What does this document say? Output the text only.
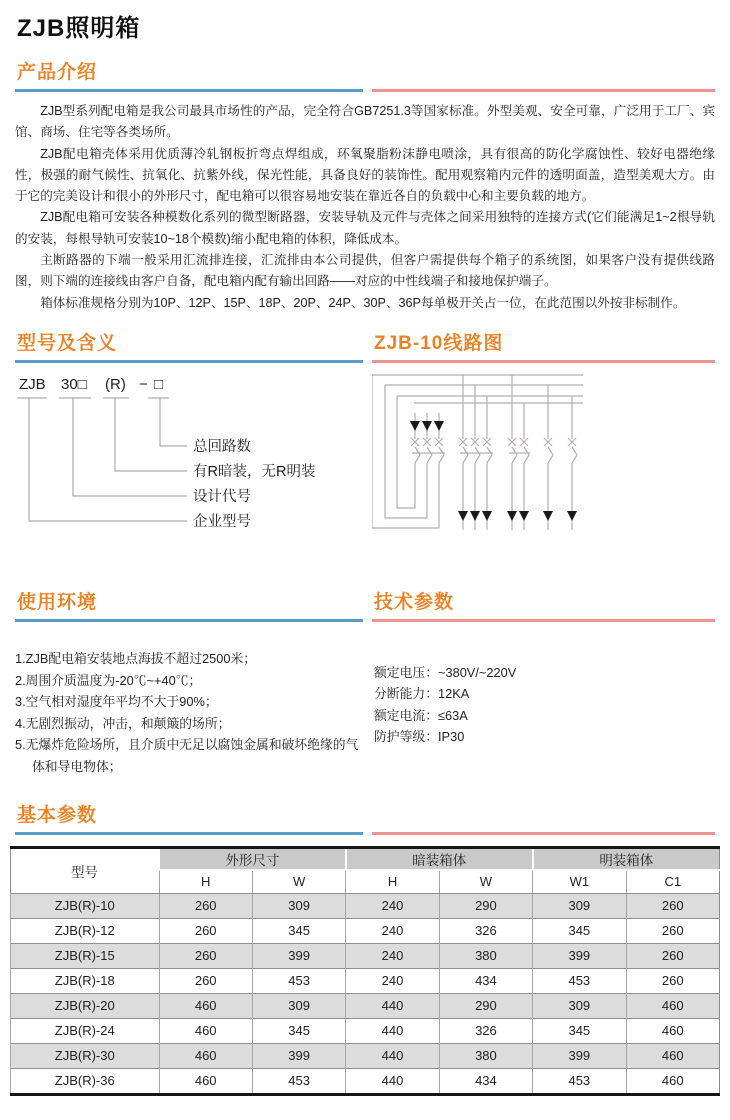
ZJB照明箱
产品介绍

ZJB型系列配电箱是我公司最具市场性的产品，完全符合GB7251.3等国家标准。外型美观、安全可靠，广泛用于工厂、宾馆、商场、住宅等各类场所。

ZJB配电箱壳体采用优质薄冷轧钢板折弯点焊组成，环氧聚脂粉沫静电喷涂，具有很高的防化学腐蚀性、较好电器绝缘性，极强的耐气候性、抗氧化、抗紫外线，保光性能，具备良好的装饰性。配用观察箱内元件的透明面盖，造型美观大方。由于它的完美设计和很小的外形尺寸，配电箱可以很容易地安装在靠近各自的负载中心和主要负载的地方。

ZJB配电箱可安装各种模数化系列的微型断路器，安装导轨及元件与壳体之间采用独特的连接方式(它们能满足1~2根导轨的安装，每根导轨可安装10~18个模数)缩小配电箱的体积，降低成本。

主断路器的下端一般采用汇流排连接，汇流排由本公司提供，但客户需提供每个箱子的系统图，如果客户没有提供线路图，则下端的连接线由客户自备，配电箱内配有输出回路——对应的中性线端子和接地保护端子。

箱体标准规格分别为10P、12P、15P、18P、20P、24P、30P、36P每单极开关占一位，在此范围以外按非标制作。

型号及含义
ZJB 30□ (R) − □
总回路数
有R暗装，无R明装
设计代号
企业型号
ZJB-10线路图
使用环境
1.ZJB配电箱安装地点海拔不超过2500米；
2.周围介质温度为-20℃~+40℃；
3.空气相对湿度年平均不大于90%；
4.无剧烈振动，冲击，和颠簸的场所；
5.无爆炸危险场所，且介质中无足以腐蚀金属和破坏绝缘的气体和导电物体；
技术参数
额定电压：~380V/~220V
分断能力：12KA
额定电流：≤63A
防护等级：IP30
基本参数
型号	外形尺寸		暗装箱体		明装箱体	
	H	W	H	W	W1	C1
ZJB(R)-10	260	309	240	290	309	260
ZJB(R)-12	260	345	240	326	345	260
ZJB(R)-15	260	399	240	380	399	260
ZJB(R)-18	260	453	240	434	453	260
ZJB(R)-20	460	309	440	290	309	460
ZJB(R)-24	460	345	440	326	345	460
ZJB(R)-30	460	399	440	380	399	460
ZJB(R)-36	460	453	440	434	453	460
